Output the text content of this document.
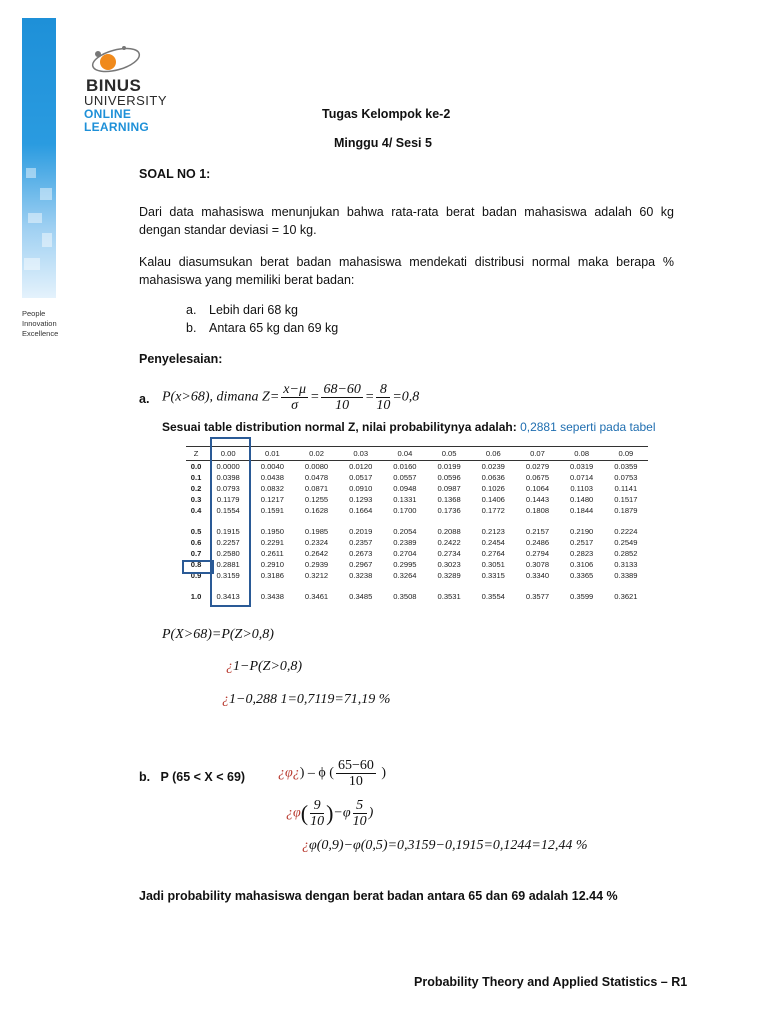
BINUS
UNIVERSITY
ONLINE
LEARNING
People
Innovation
Excellence
Tugas Kelompok ke-2
Minggu 4/ Sesi 5
SOAL NO 1:
Dari data mahasiswa menunjukan bahwa rata-rata berat badan mahasiswa adalah 60 kg dengan standar deviasi = 10 kg.
Kalau diasumsukan berat badan mahasiswa mendekati distribusi normal maka berapa % mahasiswa yang memiliki berat badan:
a. Lebih dari 68 kg
b. Antara 65 kg dan 69 kg
Penyelesaian:
a. P(x>68), dimana $Z= \frac{x-\mu}{\sigma} = \frac{68-60}{10} = \frac{8}{10} =0,8$
Sesuai table distribution normal Z, nilai probabilitynya adalah: 0,2881 seperti pada tabel
Z	0.00	0.01	0.02	0.03	0.04	0.05	0.06	0.07	0.08	0.09
0.0	0.0000	0.0040	0.0080	0.0120	0.0160	0.0199	0.0239	0.0279	0.0319	0.0359
0.1	0.0398	0.0438	0.0478	0.0517	0.0557	0.0596	0.0636	0.0675	0.0714	0.0753
0.2	0.0793	0.0832	0.0871	0.0910	0.0948	0.0987	0.1026	0.1064	0.1103	0.1141
0.3	0.1179	0.1217	0.1255	0.1293	0.1331	0.1368	0.1406	0.1443	0.1480	0.1517
0.4	0.1554	0.1591	0.1628	0.1664	0.1700	0.1736	0.1772	0.1808	0.1844	0.1879

0.5	0.1915	0.1950	0.1985	0.2019	0.2054	0.2088	0.2123	0.2157	0.2190	0.2224
0.6	0.2257	0.2291	0.2324	0.2357	0.2389	0.2422	0.2454	0.2486	0.2517	0.2549
0.7	0.2580	0.2611	0.2642	0.2673	0.2704	0.2734	0.2764	0.2794	0.2823	0.2852
0.8	0.2881	0.2910	0.2939	0.2967	0.2995	0.3023	0.3051	0.3078	0.3106	0.3133
0.9	0.3159	0.3186	0.3212	0.3238	0.3264	0.3289	0.3315	0.3340	0.3365	0.3389

1.0	0.3413	0.3438	0.3461	0.3485	0.3508	0.3531	0.3554	0.3577	0.3599	0.3621
P(X>68)=P(Z>0,8)
¿1−P(Z>0,8)
¿1−0,288 1=0,7119=71,19 %
b.   P (65 < X < 69) ¿φ¿) – ϕ ( $\frac{65-60}{10}$ )
¿$\varphi( \frac{9}{10} )-\varphi \frac{5}{10}$ )
¿φ(0,9)−φ(0,5)=0,3159−0,1915=0,1244=12,44 %
Jadi probability mahasiswa dengan berat badan antara 65 dan 69 adalah 12.44 %
Probability Theory and Applied Statistics – R1
